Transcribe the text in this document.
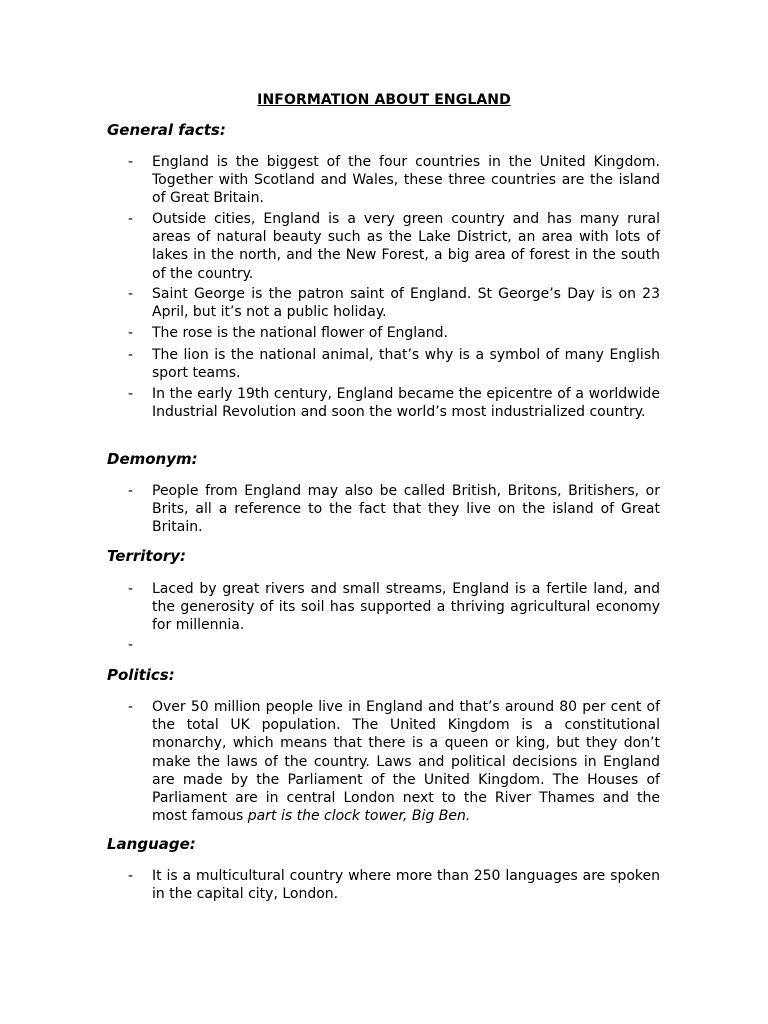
INFORMATION ABOUT ENGLAND
General facts:
- England is the biggest of the four countries in the United Kingdom. Together with Scotland and Wales, these three countries are the island of Great Britain.
- Outside cities, England is a very green country and has many rural areas of natural beauty such as the Lake District, an area with lots of lakes in the north, and the New Forest, a big area of forest in the south of the country.
- Saint George is the patron saint of England. St George’s Day is on 23 April, but it’s not a public holiday.
- The rose is the national flower of England.
- The lion is the national animal, that’s why is a symbol of many English sport teams.
- In the early 19th century, England became the epicentre of a worldwide Industrial Revolution and soon the world’s most industrialized country.
Demonym:
- People from England may also be called British, Britons, Britishers, or Brits, all a reference to the fact that they live on the island of Great Britain.
Territory:
- Laced by great rivers and small streams, England is a fertile land, and the generosity of its soil has supported a thriving agricultural economy for millennia.
-
Politics:
- Over 50 million people live in England and that’s around 80 per cent of the total UK population. The United Kingdom is a constitutional monarchy, which means that there is a queen or king, but they don’t make the laws of the country. Laws and political decisions in England are made by the Parliament of the United Kingdom. The Houses of Parliament are in central London next to the River Thames and the most famous part is the clock tower, Big Ben.
Language:
- It is a multicultural country where more than 250 languages are spoken in the capital city, London.
